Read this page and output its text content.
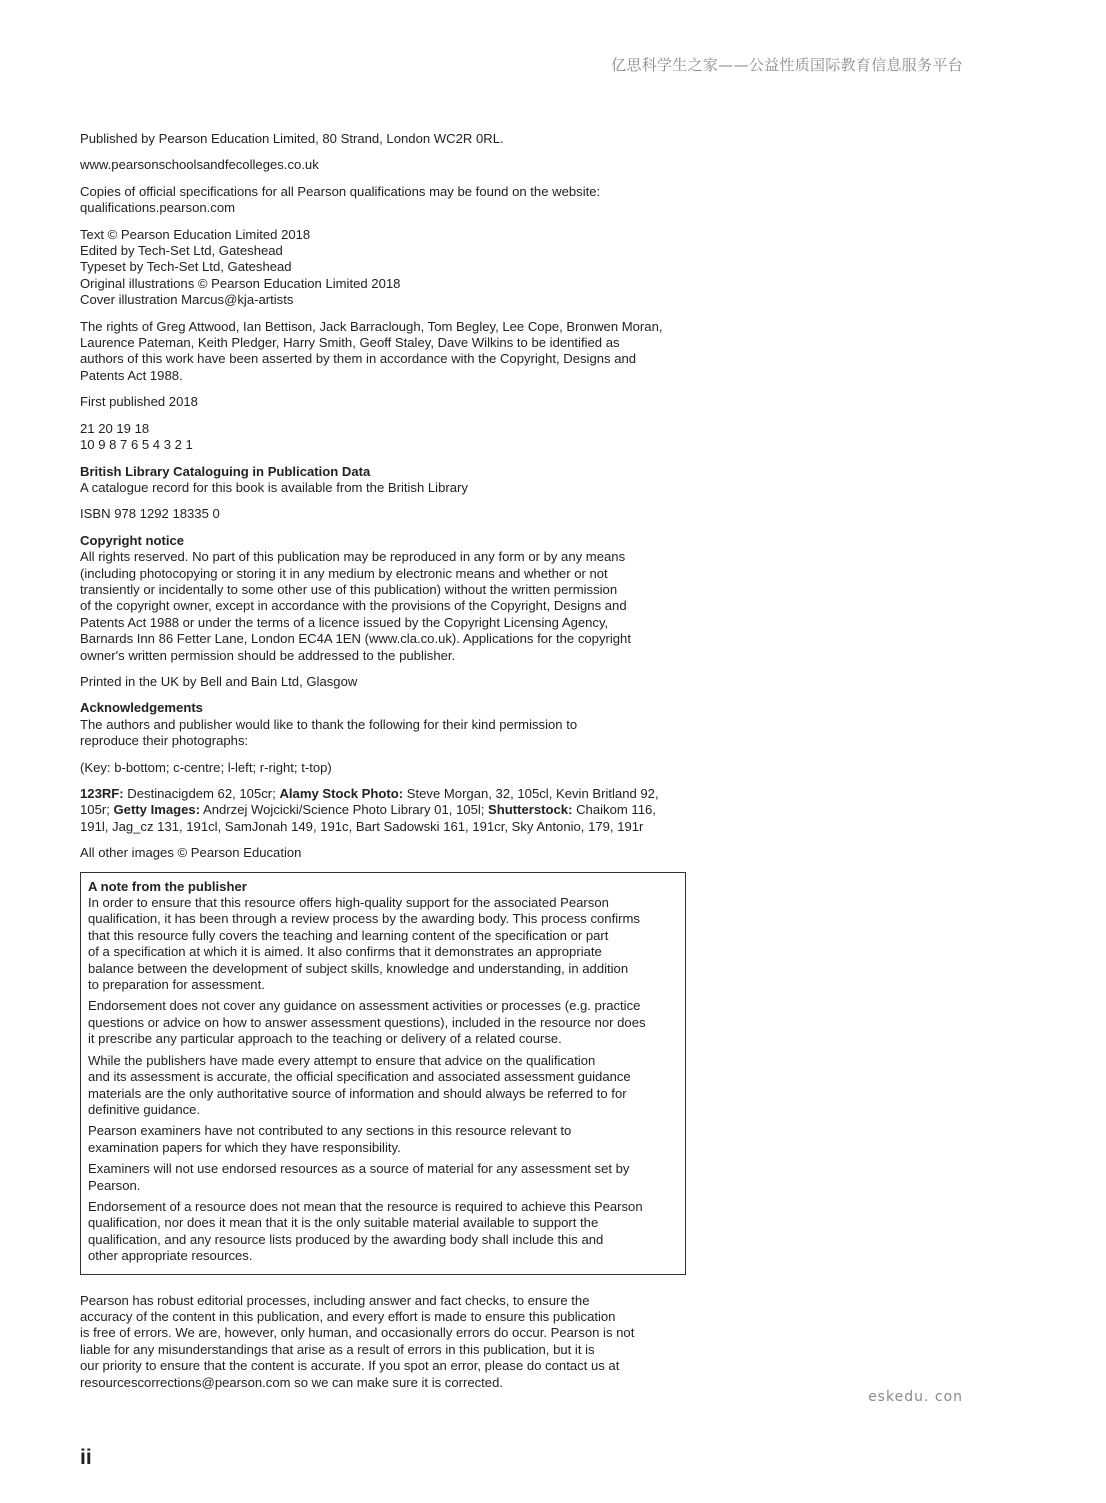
亿思科学生之家——公益性质国际教育信息服务平台

Published by Pearson Education Limited, 80 Strand, London WC2R 0RL.

www.pearsonschoolsandfecolleges.co.uk

Copies of official specifications for all Pearson qualifications may be found on the website:
qualifications.pearson.com

Text © Pearson Education Limited 2018
Edited by Tech-Set Ltd, Gateshead
Typeset by Tech-Set Ltd, Gateshead
Original illustrations © Pearson Education Limited 2018
Cover illustration Marcus@kja-artists

The rights of Greg Attwood, Ian Bettison, Jack Barraclough, Tom Begley, Lee Cope, Bronwen Moran,
Laurence Pateman, Keith Pledger, Harry Smith, Geoff Staley, Dave Wilkins to be identified as
authors of this work have been asserted by them in accordance with the Copyright, Designs and
Patents Act 1988.

First published 2018

21 20 19 18
10 9 8 7 6 5 4 3 2 1

British Library Cataloguing in Publication Data
A catalogue record for this book is available from the British Library

ISBN 978 1292 18335 0

Copyright notice
All rights reserved. No part of this publication may be reproduced in any form or by any means
(including photocopying or storing it in any medium by electronic means and whether or not
transiently or incidentally to some other use of this publication) without the written permission
of the copyright owner, except in accordance with the provisions of the Copyright, Designs and
Patents Act 1988 or under the terms of a licence issued by the Copyright Licensing Agency,
Barnards Inn 86 Fetter Lane, London EC4A 1EN (www.cla.co.uk). Applications for the copyright
owner's written permission should be addressed to the publisher.

Printed in the UK by Bell and Bain Ltd, Glasgow

Acknowledgements
The authors and publisher would like to thank the following for their kind permission to
reproduce their photographs:

(Key: b-bottom; c-centre; l-left; r-right; t-top)

123RF: Destinacigdem 62, 105cr; Alamy Stock Photo: Steve Morgan, 32, 105cl, Kevin Britland 92,
105r; Getty Images: Andrzej Wojcicki/Science Photo Library 01, 105l; Shutterstock: Chaikom 116,
191l, Jag_cz 131, 191cl, SamJonah 149, 191c, Bart Sadowski 161, 191cr, Sky Antonio, 179, 191r

All other images © Pearson Education

A note from the publisher
In order to ensure that this resource offers high-quality support for the associated Pearson
qualification, it has been through a review process by the awarding body. This process confirms
that this resource fully covers the teaching and learning content of the specification or part
of a specification at which it is aimed. It also confirms that it demonstrates an appropriate
balance between the development of subject skills, knowledge and understanding, in addition
to preparation for assessment.

Endorsement does not cover any guidance on assessment activities or processes (e.g. practice
questions or advice on how to answer assessment questions), included in the resource nor does
it prescribe any particular approach to the teaching or delivery of a related course.

While the publishers have made every attempt to ensure that advice on the qualification
and its assessment is accurate, the official specification and associated assessment guidance
materials are the only authoritative source of information and should always be referred to for
definitive guidance.

Pearson examiners have not contributed to any sections in this resource relevant to
examination papers for which they have responsibility.

Examiners will not use endorsed resources as a source of material for any assessment set by
Pearson.

Endorsement of a resource does not mean that the resource is required to achieve this Pearson
qualification, nor does it mean that it is the only suitable material available to support the
qualification, and any resource lists produced by the awarding body shall include this and
other appropriate resources.

Pearson has robust editorial processes, including answer and fact checks, to ensure the
accuracy of the content in this publication, and every effort is made to ensure this publication
is free of errors. We are, however, only human, and occasionally errors do occur. Pearson is not
liable for any misunderstandings that arise as a result of errors in this publication, but it is
our priority to ensure that the content is accurate. If you spot an error, please do contact us at
resourcescorrections@pearson.com so we can make sure it is corrected.

eskedu. con
ii
